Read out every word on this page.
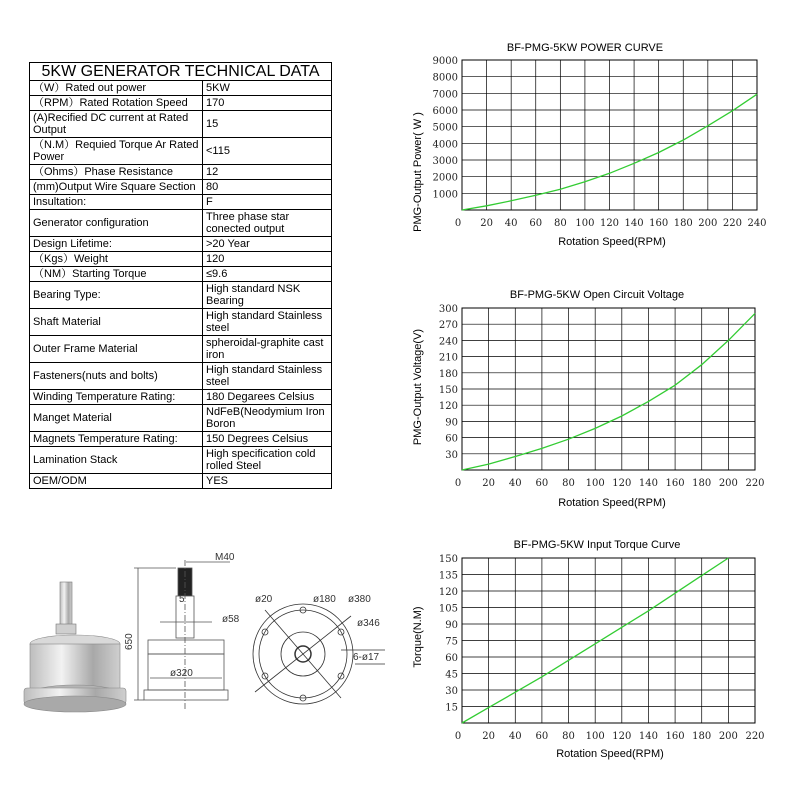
5KW GENERATOR TECHNICAL DATA	
（W）Rated out power	5KW
（RPM）Rated Rotation Speed	170
(A)Recified DC current at Rated Output	15
（N.M）Requied Torque Ar Rated Power	<115
（Ohms）Phase Resistance	12
(mm)Output Wire Square Section	80
Insultation:	F
Generator configuration	Three phase star conected output
Design Lifetime:	>20 Year
（Kgs）Weight	120
（NM）Starting Torque	≤9.6
Bearing Type:	High standard NSK Bearing
Shaft Material	High standard Stainless steel
Outer Frame Material	spheroidal-graphite cast iron
Fasteners(nuts and bolts)	High standard Stainless steel
Winding Temperature Rating:	180 Degarees Celsius
Manget Material	NdFeB(Neodymium Iron Boron
Magnets Temperature Rating:	150 Degrees Celsius
Lamination Stack	High specification cold rolled Steel
OEM/ODM	YES
BF-PMG-5KW POWER CURVE
PMG-Output Power( W )
Rotation Speed(RPM)
0 20 40 60 80 100 120 140 160 180 200 220 240
1000
2000
3000
4000
5000
6000
7000
8000
9000
BF-PMG-5KW Open Circuit Voltage
PMG-Output Voltage(V)
Rotation Speed(RPM)
0 20 40 60 80 100 120 140 160 180 200 220
30
60
90
120
150
180
210
240
270
300
BF-PMG-5KW Input Torque Curve
Torque(N.M)
Rotation Speed(RPM)
0 20 40 60 80 100 120 140 160 180 200 220
15
30
45
60
75
90
105
120
135
150
M40
5
ø58
650
ø320
ø20	ø180 ø380
ø346
6-ø17
